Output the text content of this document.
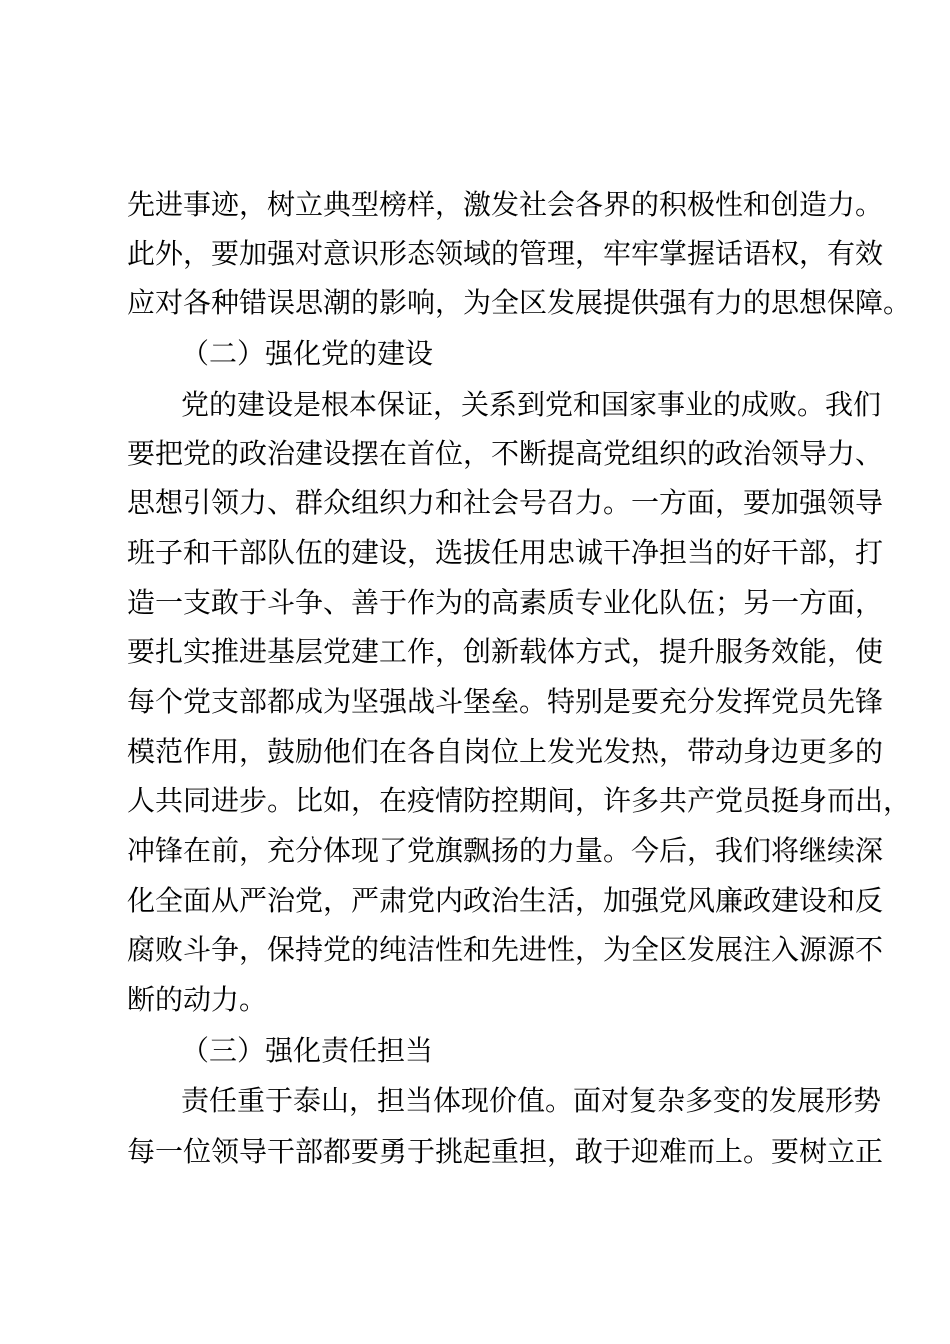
先进事迹，树立典型榜样，激发社会各界的积极性和创造力。
此外，要加强对意识形态领域的管理，牢牢掌握话语权，有效
应对各种错误思潮的影响，为全区发展提供强有力的思想保障。
（二）强化党的建设
党的建设是根本保证，关系到党和国家事业的成败。我们
要把党的政治建设摆在首位，不断提高党组织的政治领导力、
思想引领力、群众组织力和社会号召力。一方面，要加强领导
班子和干部队伍的建设，选拔任用忠诚干净担当的好干部，打
造一支敢于斗争、善于作为的高素质专业化队伍；另一方面，
要扎实推进基层党建工作，创新载体方式，提升服务效能，使
每个党支部都成为坚强战斗堡垒。特别是要充分发挥党员先锋
模范作用，鼓励他们在各自岗位上发光发热，带动身边更多的
人共同进步。比如，在疫情防控期间，许多共产党员挺身而出，
冲锋在前，充分体现了党旗飘扬的力量。今后，我们将继续深
化全面从严治党，严肃党内政治生活，加强党风廉政建设和反
腐败斗争，保持党的纯洁性和先进性，为全区发展注入源源不
断的动力。
（三）强化责任担当
责任重于泰山，担当体现价值。面对复杂多变的发展形势
每一位领导干部都要勇于挑起重担，敢于迎难而上。要树立正
